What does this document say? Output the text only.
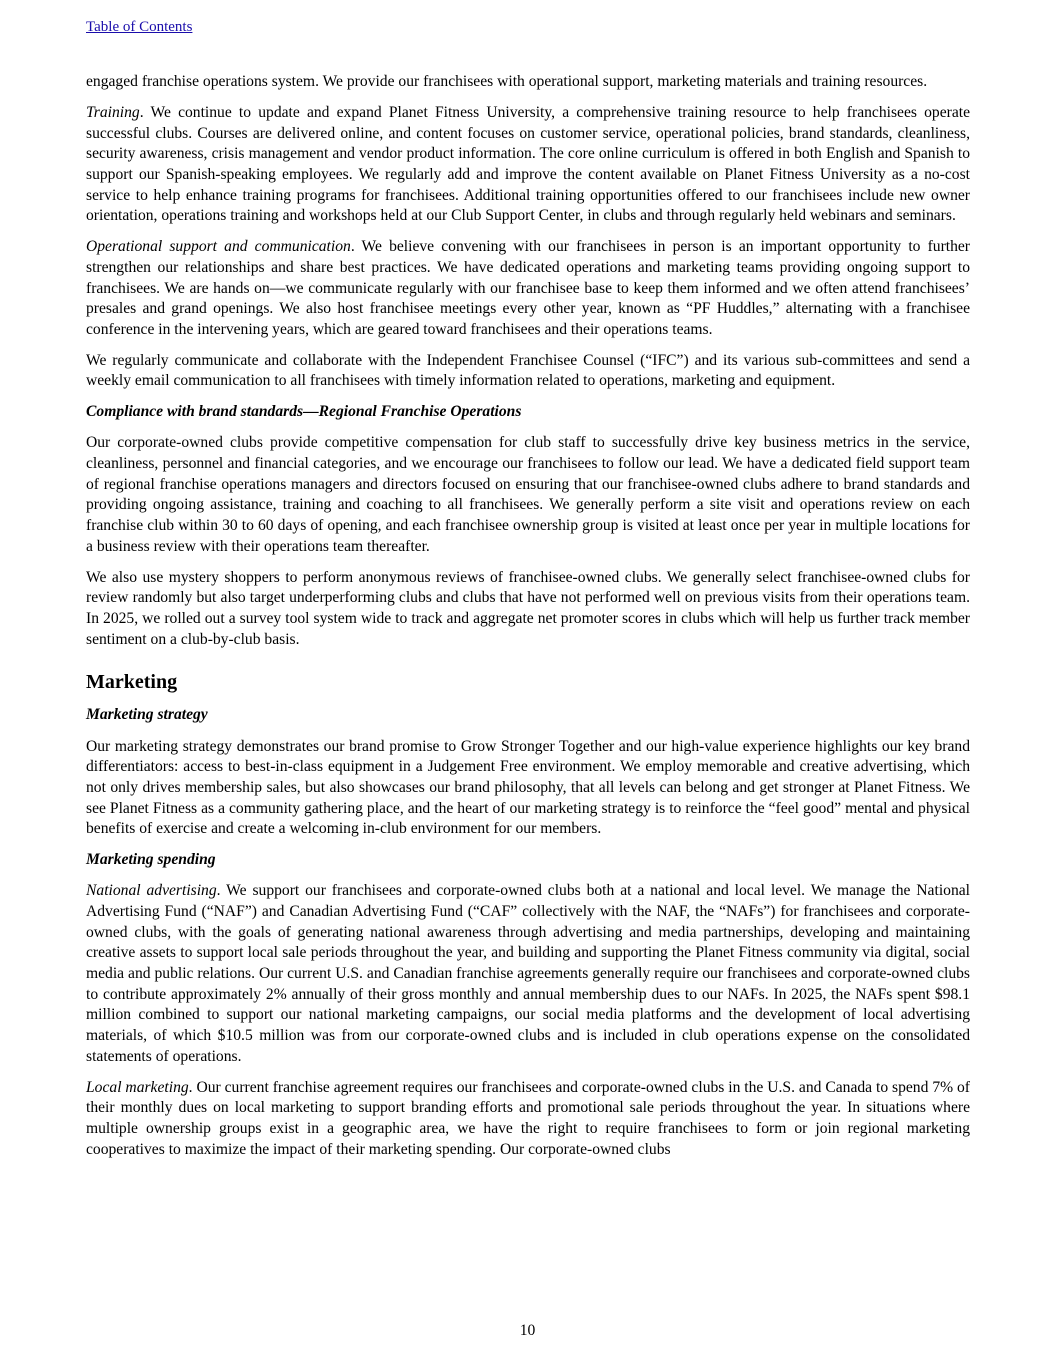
Table of Contents

engaged franchise operations system. We provide our franchisees with operational support, marketing materials and training resources.

Training. We continue to update and expand Planet Fitness University, a comprehensive training resource to help franchisees operate successful clubs. Courses are delivered online, and content focuses on customer service, operational policies, brand standards, cleanliness, security awareness, crisis management and vendor product information. The core online curriculum is offered in both English and Spanish to support our Spanish-speaking employees. We regularly add and improve the content available on Planet Fitness University as a no-cost service to help enhance training programs for franchisees. Additional training opportunities offered to our franchisees include new owner orientation, operations training and workshops held at our Club Support Center, in clubs and through regularly held webinars and seminars.

Operational support and communication. We believe convening with our franchisees in person is an important opportunity to further strengthen our relationships and share best practices. We have dedicated operations and marketing teams providing ongoing support to franchisees. We are hands on—we communicate regularly with our franchisee base to keep them informed and we often attend franchisees’ presales and grand openings. We also host franchisee meetings every other year, known as “PF Huddles,” alternating with a franchisee conference in the intervening years, which are geared toward franchisees and their operations teams.

We regularly communicate and collaborate with the Independent Franchisee Counsel (“IFC”) and its various sub-committees and send a weekly email communication to all franchisees with timely information related to operations, marketing and equipment.

Compliance with brand standards—Regional Franchise Operations

Our corporate-owned clubs provide competitive compensation for club staff to successfully drive key business metrics in the service, cleanliness, personnel and financial categories, and we encourage our franchisees to follow our lead. We have a dedicated field support team of regional franchise operations managers and directors focused on ensuring that our franchisee-owned clubs adhere to brand standards and providing ongoing assistance, training and coaching to all franchisees. We generally perform a site visit and operations review on each franchise club within 30 to 60 days of opening, and each franchisee ownership group is visited at least once per year in multiple locations for a business review with their operations team thereafter.

We also use mystery shoppers to perform anonymous reviews of franchisee-owned clubs. We generally select franchisee-owned clubs for review randomly but also target underperforming clubs and clubs that have not performed well on previous visits from their operations team. In 2025, we rolled out a survey tool system wide to track and aggregate net promoter scores in clubs which will help us further track member sentiment on a club-by-club basis.

Marketing
Marketing strategy

Our marketing strategy demonstrates our brand promise to Grow Stronger Together and our high-value experience highlights our key brand differentiators: access to best-in-class equipment in a Judgement Free environment. We employ memorable and creative advertising, which not only drives membership sales, but also showcases our brand philosophy, that all levels can belong and get stronger at Planet Fitness. We see Planet Fitness as a community gathering place, and the heart of our marketing strategy is to reinforce the “feel good” mental and physical benefits of exercise and create a welcoming in-club environment for our members.

Marketing spending

National advertising. We support our franchisees and corporate-owned clubs both at a national and local level. We manage the National Advertising Fund (“NAF”) and Canadian Advertising Fund (“CAF” collectively with the NAF, the “NAFs”) for franchisees and corporate-owned clubs, with the goals of generating national awareness through advertising and media partnerships, developing and maintaining creative assets to support local sale periods throughout the year, and building and supporting the Planet Fitness community via digital, social media and public relations. Our current U.S. and Canadian franchise agreements generally require our franchisees and corporate-owned clubs to contribute approximately 2% annually of their gross monthly and annual membership dues to our NAFs. In 2025, the NAFs spent $98.1 million combined to support our national marketing campaigns, our social media platforms and the development of local advertising materials, of which $10.5 million was from our corporate-owned clubs and is included in club operations expense on the consolidated statements of operations.

Local marketing. Our current franchise agreement requires our franchisees and corporate-owned clubs in the U.S. and Canada to spend 7% of their monthly dues on local marketing to support branding efforts and promotional sale periods throughout the year. In situations where multiple ownership groups exist in a geographic area, we have the right to require franchisees to form or join regional marketing cooperatives to maximize the impact of their marketing spending. Our corporate-owned clubs

10
